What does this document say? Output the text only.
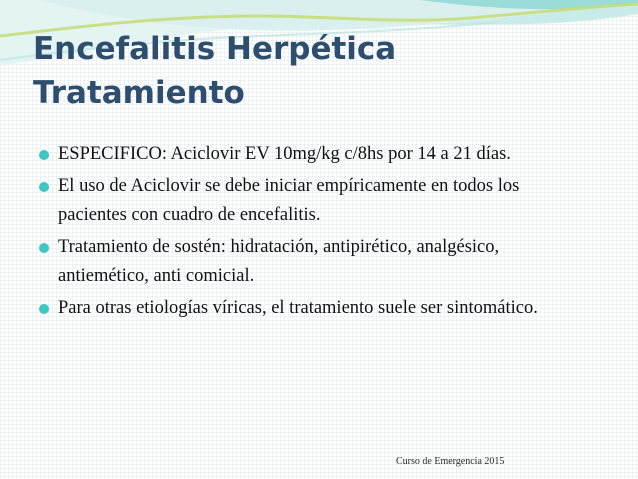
Encefalitis Herpética
Tratamiento
ESPECIFICO: Aciclovir EV 10mg/kg c/8hs por 14 a 21 días.
El uso de Aciclovir se debe iniciar empíricamente en todos los pacientes con cuadro de encefalitis.
Tratamiento de sostén: hidratación, antipirético, analgésico, antiemético, anti comicial.
Para otras etiologías víricas, el tratamiento suele ser sintomático.
Curso de Emergencia 2015
